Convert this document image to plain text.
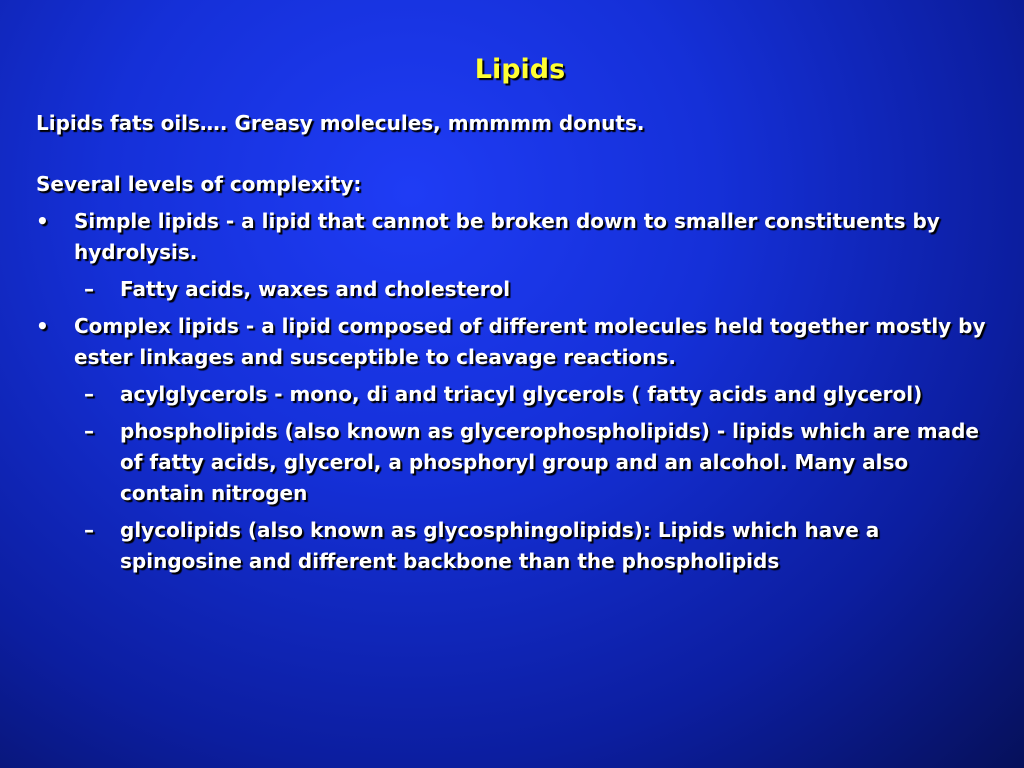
Lipids

Lipids fats oils…. Greasy molecules, mmmmm donuts.

Several levels of complexity:

•	Simple lipids - a lipid that cannot be broken down to smaller constituents by hydrolysis.
–	Fatty acids, waxes and cholesterol
•	Complex lipids - a lipid composed of different molecules held together mostly by ester linkages and susceptible to cleavage reactions.
–	acylglycerols - mono, di and triacyl glycerols ( fatty acids and glycerol)
–	phospholipids (also known as glycerophospholipids) - lipids which are made of fatty acids, glycerol, a phosphoryl group and an alcohol. Many also contain nitrogen
–	glycolipids (also known as glycosphingolipids): Lipids which have a spingosine and different backbone than the phospholipids
